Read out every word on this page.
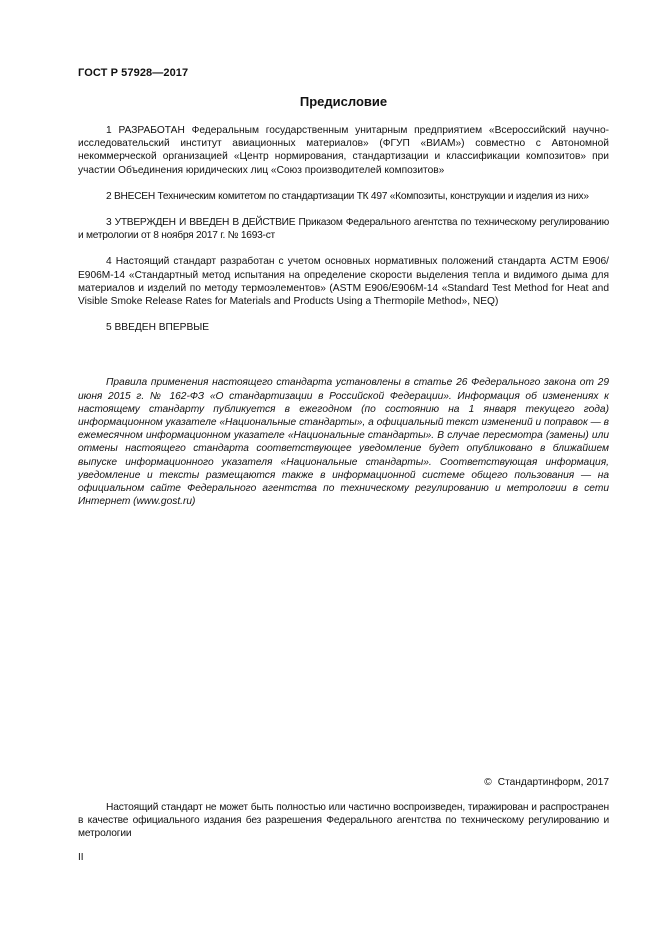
ГОСТ Р 57928—2017
Предисловие

1 РАЗРАБОТАН Федеральным государственным унитарным предприятием «Всероссийский научно-исследовательский институт авиационных материалов» (ФГУП «ВИАМ») совместно с Автономной некоммерческой организацией «Центр нормирования, стандартизации и классификации композитов» при участии Объединения юридических лиц «Союз производителей композитов»

2 ВНЕСЕН Техническим комитетом по стандартизации ТК 497 «Композиты, конструкции и изделия из них»

3 УТВЕРЖДЕН И ВВЕДЕН В ДЕЙСТВИЕ Приказом Федерального агентства по техническому регулированию и метрологии от 8 ноября 2017 г. № 1693-ст

4 Настоящий стандарт разработан с учетом основных нормативных положений стандарта АСТМ Е906/Е906М-14 «Стандартный метод испытания на определение скорости выделения тепла и видимого дыма для материалов и изделий по методу термоэлементов» (ASTM E906/E906M-14 «Standard Test Method for Heat and Visible Smoke Release Rates for Materials and Products Using a Thermopile Method», NEQ)

5 ВВЕДЕН ВПЕРВЫЕ

Правила применения настоящего стандарта установлены в статье 26 Федерального закона от 29 июня 2015 г. № 162-ФЗ «О стандартизации в Российской Федерации». Информация об изменениях к настоящему стандарту публикуется в ежегодном (по состоянию на 1 января текущего года) информационном указателе «Национальные стандарты», а официальный текст изменений и поправок — в ежемесячном информационном указателе «Национальные стандарты». В случае пересмотра (замены) или отмены настоящего стандарта соответствующее уведомление будет опубликовано в ближайшем выпуске информационного указателя «Национальные стандарты». Соответствующая информация, уведомление и тексты размещаются также в информационной системе общего пользования — на официальном сайте Федерального агентства по техническому регулированию и метрологии в сети Интернет (www.gost.ru)

© Стандартинформ, 2017
Настоящий стандарт не может быть полностью или частично воспроизведен, тиражирован и распространен в качестве официального издания без разрешения Федерального агентства по техническому регулированию и метрологии
II
